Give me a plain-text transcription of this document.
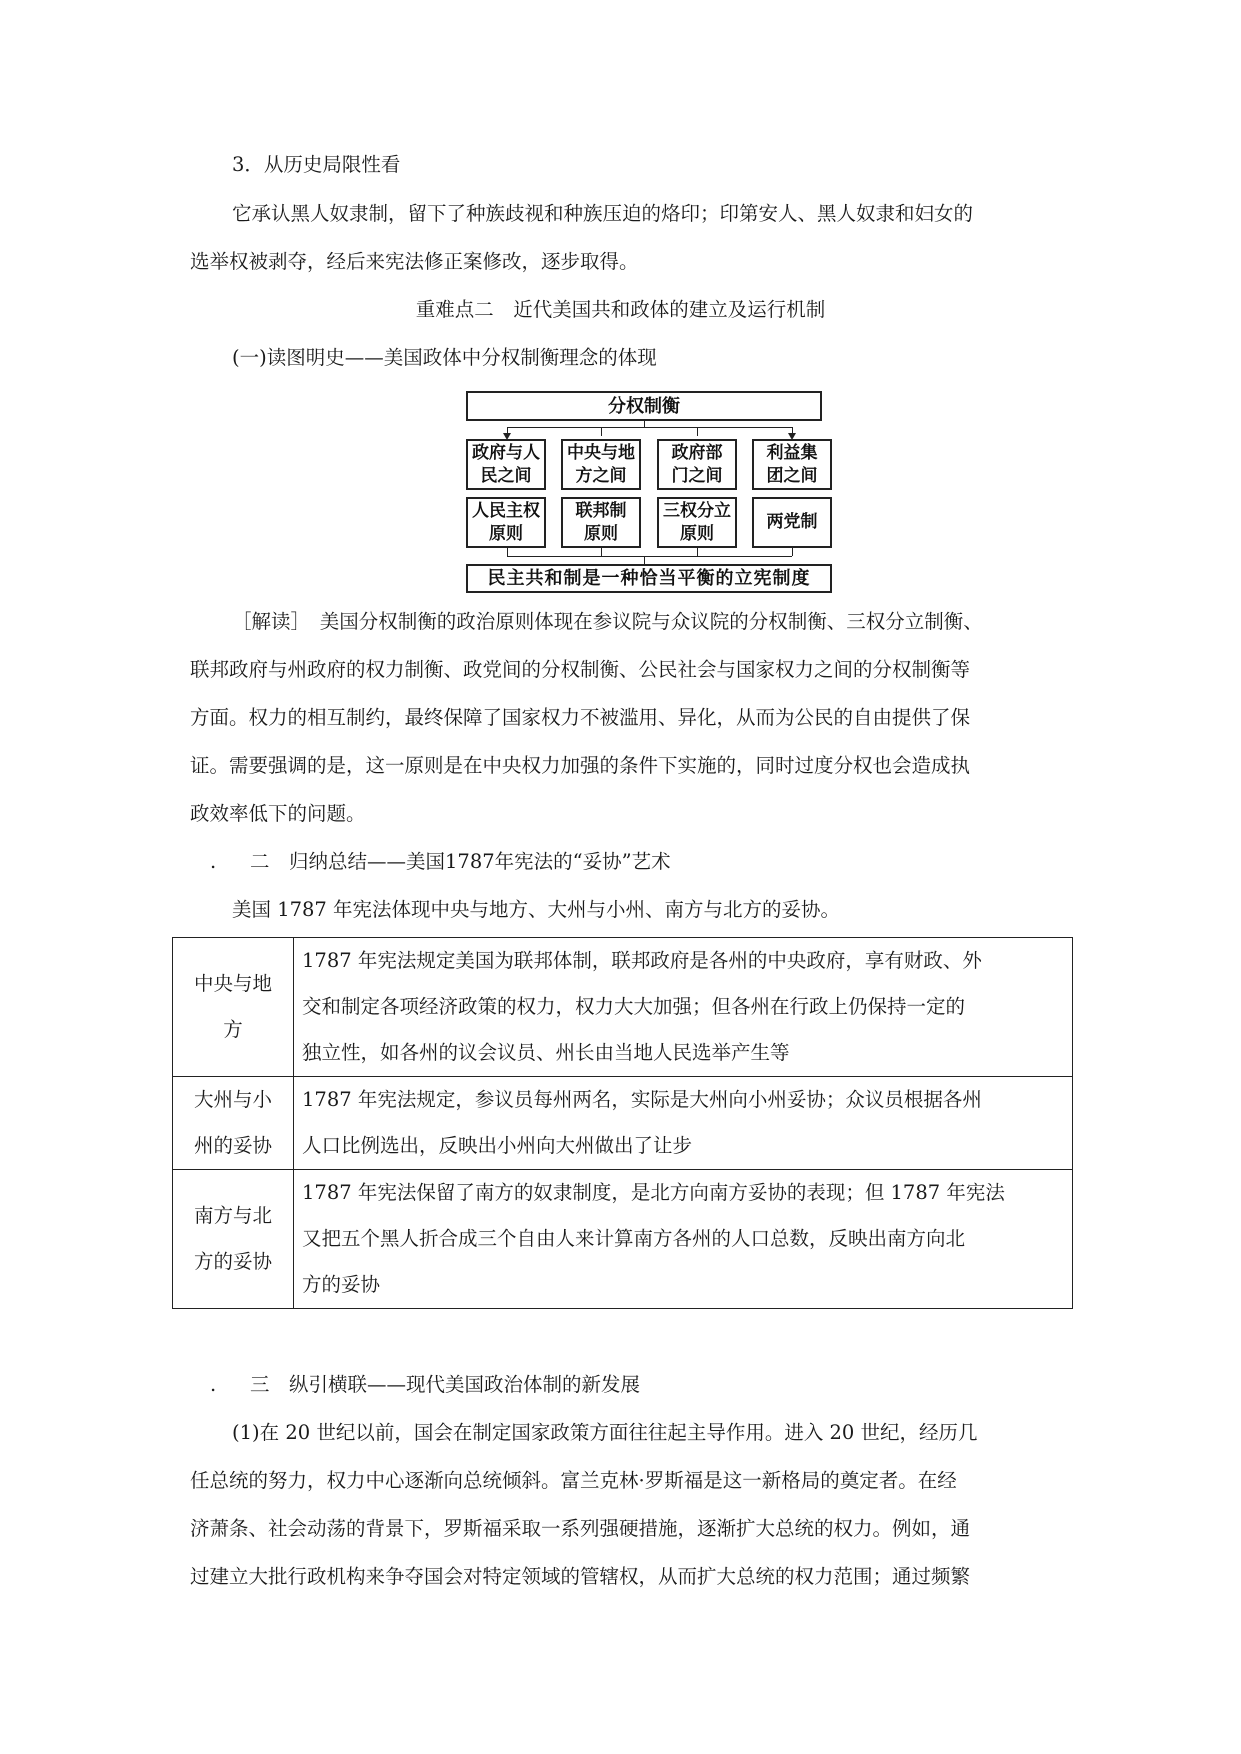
3．从历史局限性看
它承认黑人奴隶制，留下了种族歧视和种族压迫的烙印；印第安人、黑人奴隶和妇女的
选举权被剥夺，经后来宪法修正案修改，逐步取得。
重难点二　近代美国共和政体的建立及运行机制
(一)读图明史——美国政体中分权制衡理念的体现
分权制衡
政府与人
民之间
中央与地
方之间
政府部
门之间
利益集
团之间
人民主权
原则
联邦制
原则
三权分立
原则
两党制
民主共和制是一种恰当平衡的立宪制度
［解读］　美国分权制衡的政治原则体现在参议院与众议院的分权制衡、三权分立制衡、
联邦政府与州政府的权力制衡、政党间的分权制衡、公民社会与国家权力之间的分权制衡等
方面。权力的相互制约，最终保障了国家权力不被滥用、异化，从而为公民的自由提供了保
证。需要强调的是，这一原则是在中央权力加强的条件下实施的，同时过度分权也会造成执
政效率低下的问题。
. 二　归纳总结——美国1787年宪法的“妥协”艺术
美国 1787 年宪法体现中央与地方、大州与小州、南方与北方的妥协。
中央与地
方	1787 年宪法规定美国为联邦体制，联邦政府是各州的中央政府，享有财政、外
交和制定各项经济政策的权力，权力大大加强；但各州在行政上仍保持一定的
独立性，如各州的议会议员、州长由当地人民选举产生等
大州与小
州的妥协	1787 年宪法规定，参议员每州两名，实际是大州向小州妥协；众议员根据各州
人口比例选出，反映出小州向大州做出了让步
南方与北
方的妥协	1787 年宪法保留了南方的奴隶制度，是北方向南方妥协的表现；但 1787 年宪法
又把五个黑人折合成三个自由人来计算南方各州的人口总数，反映出南方向北
方的妥协
. 三　纵引横联——现代美国政治体制的新发展
(1)在 20 世纪以前，国会在制定国家政策方面往往起主导作用。进入 20 世纪，经历几
任总统的努力，权力中心逐渐向总统倾斜。富兰克林·罗斯福是这一新格局的奠定者。在经
济萧条、社会动荡的背景下，罗斯福采取一系列强硬措施，逐渐扩大总统的权力。例如，通
过建立大批行政机构来争夺国会对特定领域的管辖权，从而扩大总统的权力范围；通过频繁
